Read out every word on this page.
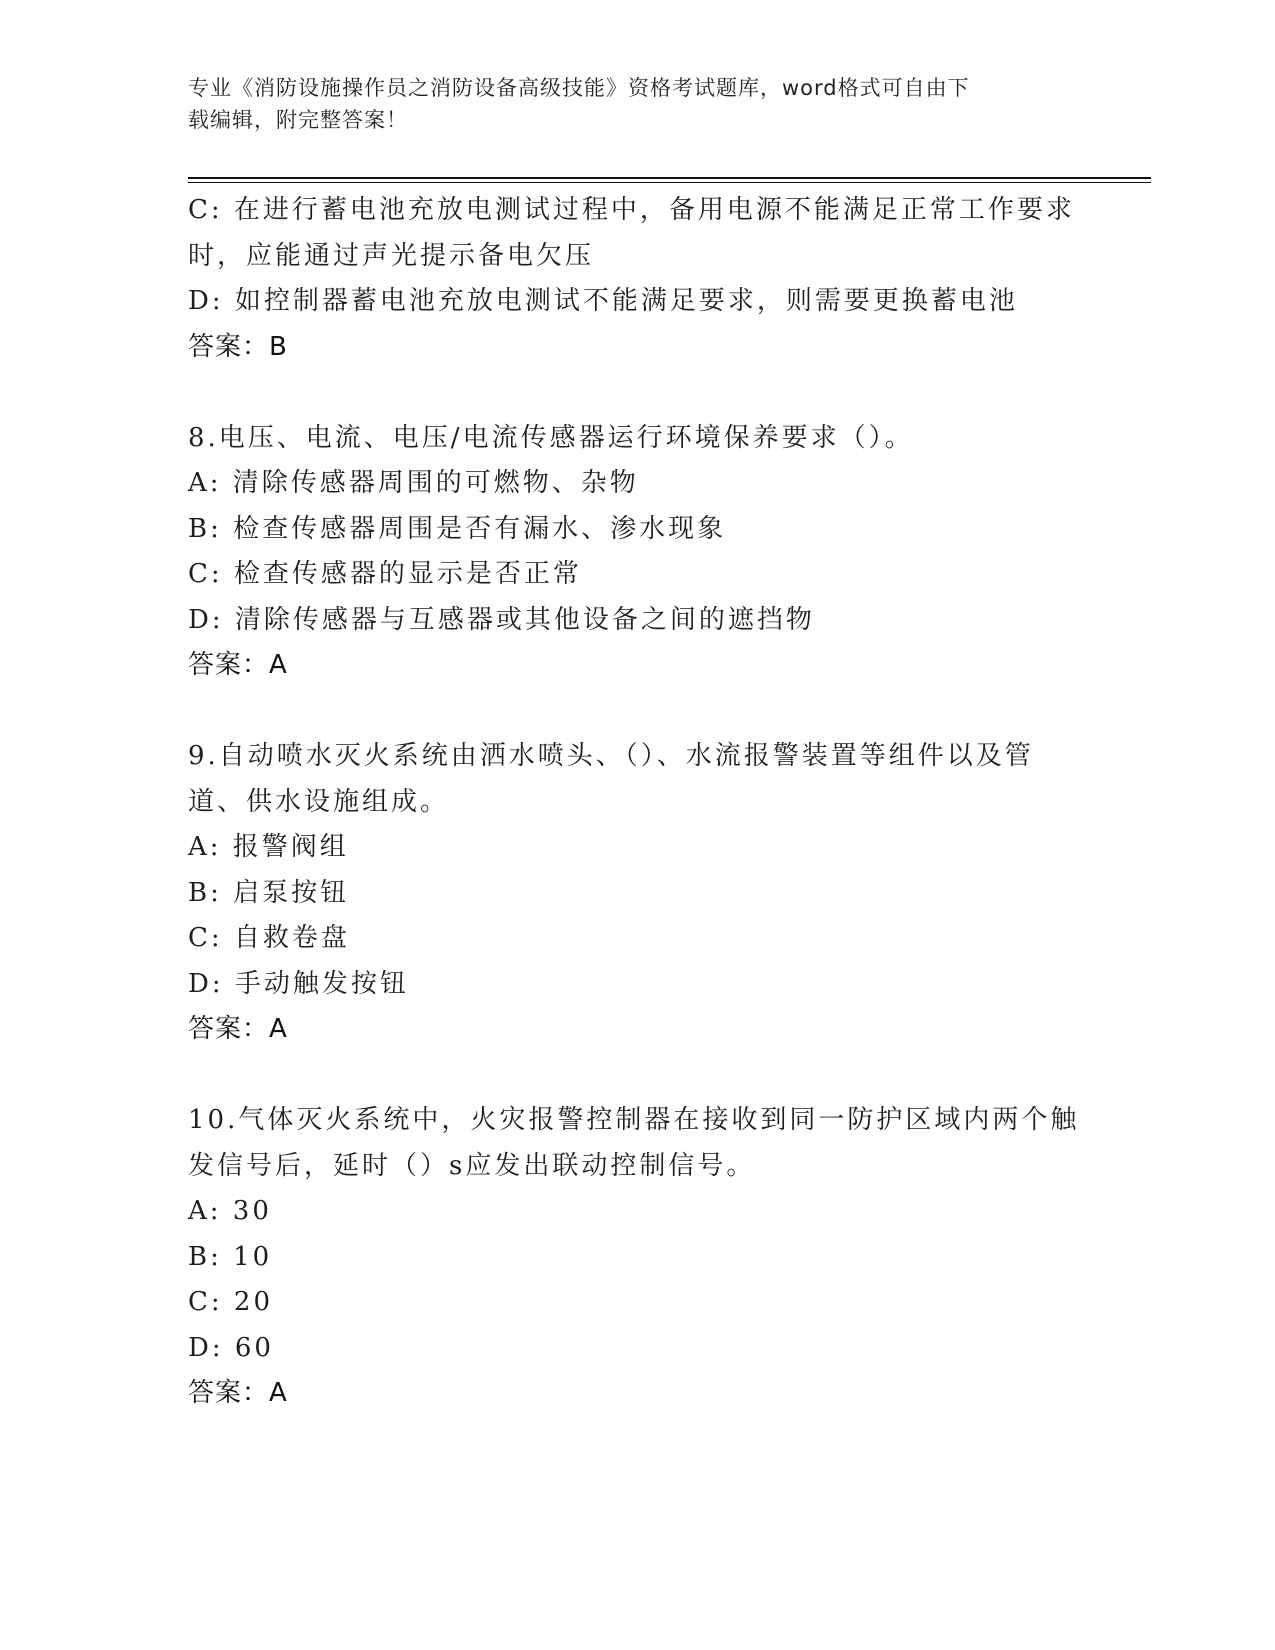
专业《消防设施操作员之消防设备高级技能》资格考试题库，word格式可自由下
载编辑，附完整答案！
C: 在进行蓄电池充放电测试过程中，备用电源不能满足正常工作要求
时，应能通过声光提示备电欠压
D: 如控制器蓄电池充放电测试不能满足要求，则需要更换蓄电池
答案：B
8.电压、电流、电压/电流传感器运行环境保养要求（）。
A: 清除传感器周围的可燃物、杂物
B: 检查传感器周围是否有漏水、渗水现象
C: 检查传感器的显示是否正常
D: 清除传感器与互感器或其他设备之间的遮挡物
答案：A
9.自动喷水灭火系统由洒水喷头、（）、水流报警装置等组件以及管
道、供水设施组成。
A: 报警阀组
B: 启泵按钮
C: 自救卷盘
D: 手动触发按钮
答案：A
10.气体灭火系统中，火灾报警控制器在接收到同一防护区域内两个触
发信号后，延时（）s应发出联动控制信号。
A: 30
B: 10
C: 20
D: 60
答案：A
